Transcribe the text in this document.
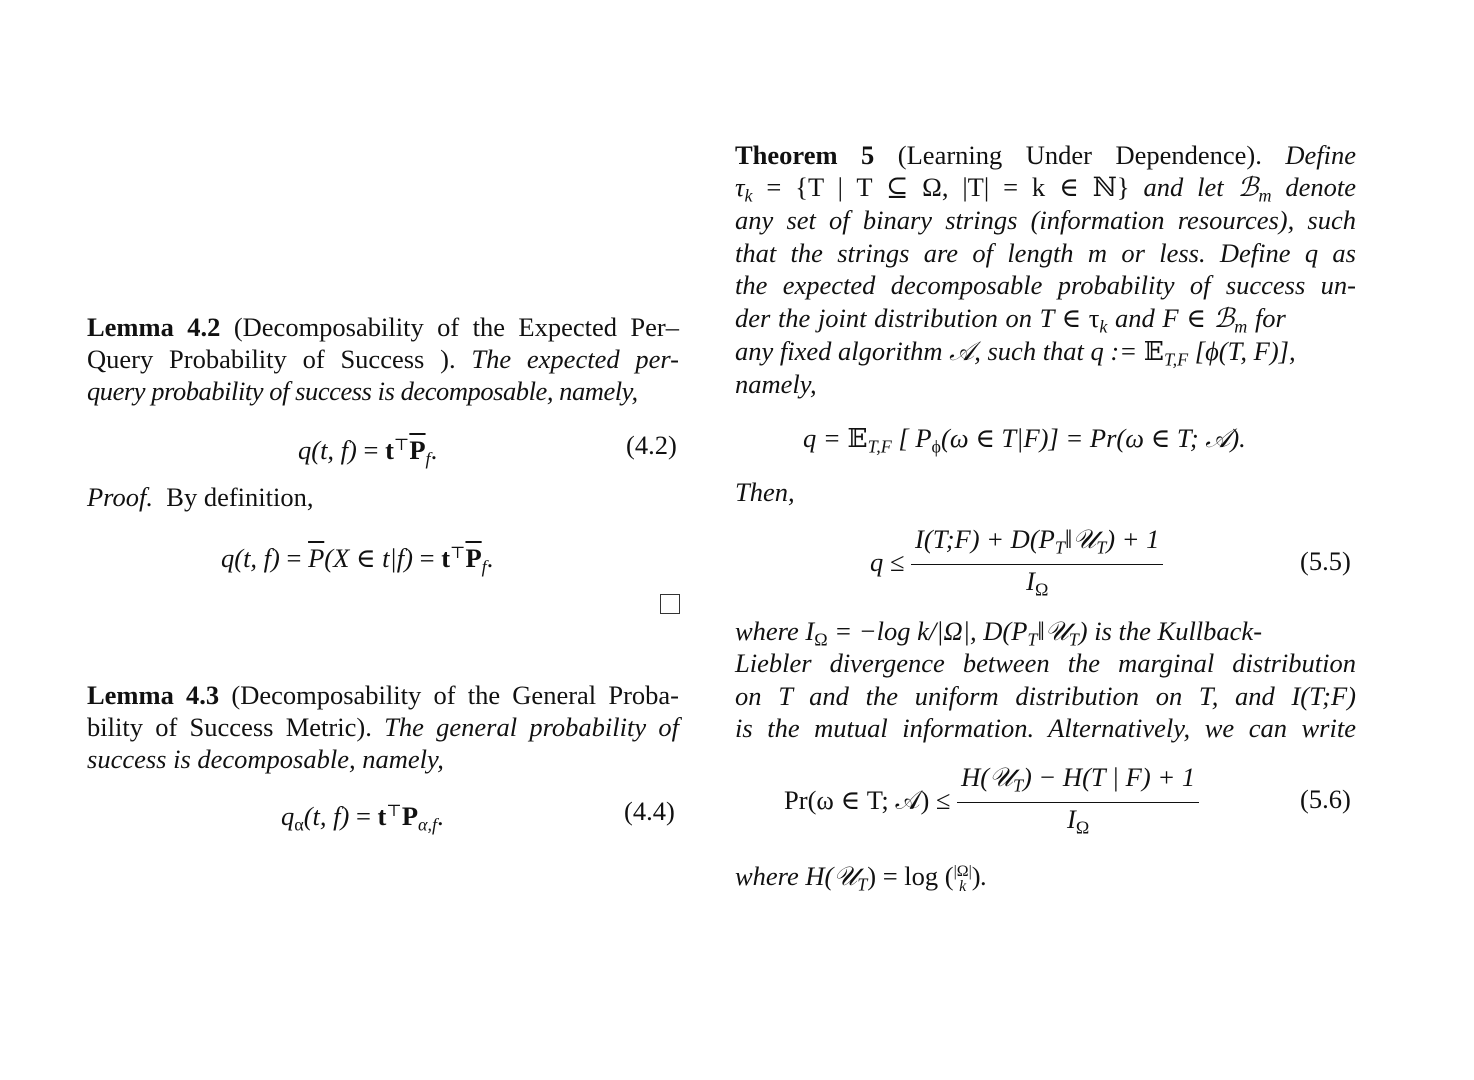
Lemma 4.2 (Decomposability of the Expected Per–
Query Probability of Success ). The expected per-
query probability of success is decomposable, namely,
q(t, $f) = t^⊤\overline{P}_f$.	(4.2)
Proof. By definition,
q(t, $f) = \overline{P}(X$ ∈ $t|f) = t^⊤\overline{P}_f$.
Lemma 4.3 (Decomposability of the General Proba-
bility of Success Metric). The general probability of
success is decomposable, namely,
$q_\alpha(t$, $f) = t^⊤P_{\alpha,f}$.	(4.4)
Theorem 5 (Learning Under Dependence). Define
$\tau_k = \{T$ | T ⊆ Ω, |T| = k ∈ ℕ} and let ℬ$_m$ denote
any set of binary strings (information resources), such
that the strings are of length m or less. Define q as
the expected decomposable probability of success un-
der the joint distribution on T ∈ $\tau_k$ and F ∈ ℬ$_m$ for
any fixed algorithm 𝒜, such that q := 𝔼$_{T,F}$ [ϕ(T, F)],
namely,
q = 𝔼$_{T,F}$ [ $P_\phi(\omega$ ∈ T|F)] = Pr(ω ∈ T; 𝒜).
Then,
$q \le \frac{I(T;F) + D(P_T‖𝒰_T) + 1}{I_\Omega}$	(5.5)
where $I_\Omega = -\log$ k/|Ω|, $D(P_T‖𝒰_T)$ is the Kullback-
Liebler divergence between the marginal distribution
on T and the uniform distribution on T, and I(T;F)
is the mutual information. Alternatively, we can write
Pr(ω ∈ T; 𝒜) ≤ $\frac{H(𝒰_T) - H(T | F) + 1}{I_\Omega}$	(5.6)
where H(𝒰$_T$) = log ( |Ω|
k ).
